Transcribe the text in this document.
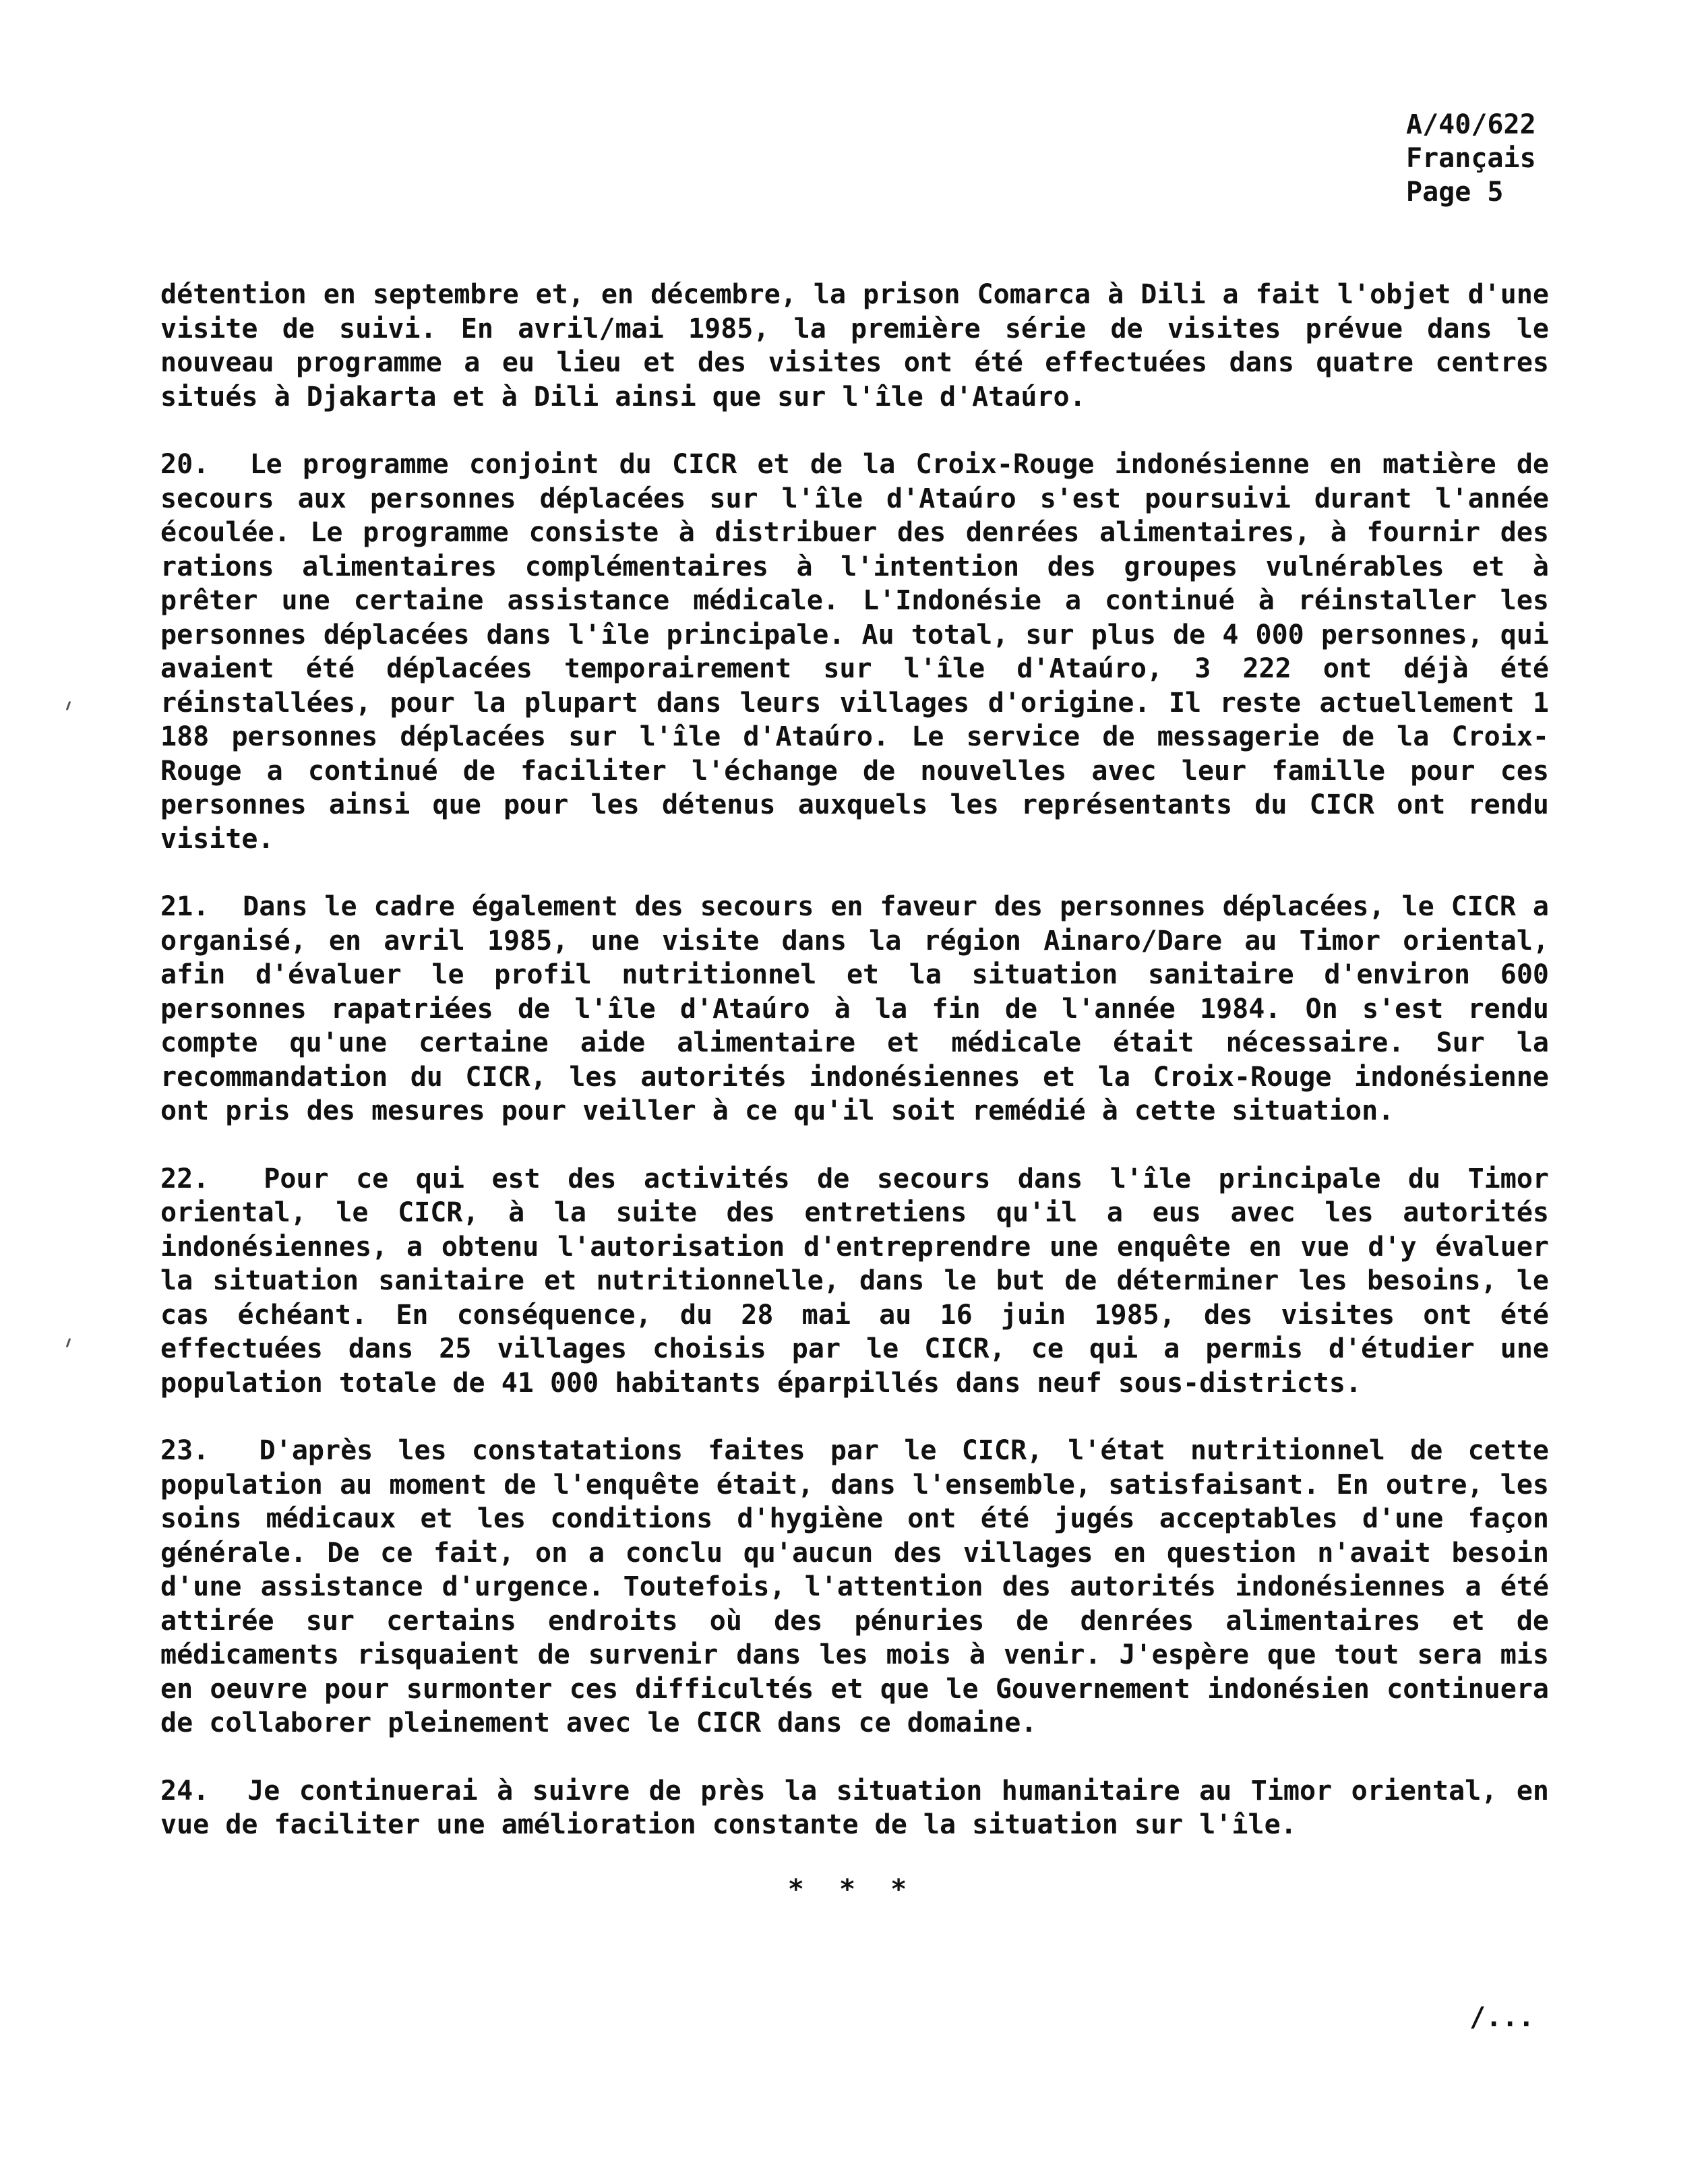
A/40/622
Français
Page 5

détention en septembre et, en décembre, la prison Comarca à Dili a fait l'objet d'une visite de suivi. En avril/mai 1985, la première série de visites prévue dans le nouveau programme a eu lieu et des visites ont été effectuées dans quatre centres situés à Djakarta et à Dili ainsi que sur l'île d'Ataúro.

20. Le programme conjoint du CICR et de la Croix-Rouge indonésienne en matière de secours aux personnes déplacées sur l'île d'Ataúro s'est poursuivi durant l'année écoulée. Le programme consiste à distribuer des denrées alimentaires, à fournir des rations alimentaires complémentaires à l'intention des groupes vulnérables et à prêter une certaine assistance médicale. L'Indonésie a continué à réinstaller les personnes déplacées dans l'île principale. Au total, sur plus de 4 000 personnes, qui avaient été déplacées temporairement sur l'île d'Ataúro, 3 222 ont déjà été réinstallées, pour la plupart dans leurs villages d'origine. Il reste actuellement 1 188 personnes déplacées sur l'île d'Ataúro. Le service de messagerie de la Croix-Rouge a continué de faciliter l'échange de nouvelles avec leur famille pour ces personnes ainsi que pour les détenus auxquels les représentants du CICR ont rendu visite.

21. Dans le cadre également des secours en faveur des personnes déplacées, le CICR a organisé, en avril 1985, une visite dans la région Ainaro/Dare au Timor oriental, afin d'évaluer le profil nutritionnel et la situation sanitaire d'environ 600 personnes rapatriées de l'île d'Ataúro à la fin de l'année 1984. On s'est rendu compte qu'une certaine aide alimentaire et médicale était nécessaire. Sur la recommandation du CICR, les autorités indonésiennes et la Croix-Rouge indonésienne ont pris des mesures pour veiller à ce qu'il soit remédié à cette situation.

22. Pour ce qui est des activités de secours dans l'île principale du Timor oriental, le CICR, à la suite des entretiens qu'il a eus avec les autorités indonésiennes, a obtenu l'autorisation d'entreprendre une enquête en vue d'y évaluer la situation sanitaire et nutritionnelle, dans le but de déterminer les besoins, le cas échéant. En conséquence, du 28 mai au 16 juin 1985, des visites ont été effectuées dans 25 villages choisis par le CICR, ce qui a permis d'étudier une population totale de 41 000 habitants éparpillés dans neuf sous-districts.

23. D'après les constatations faites par le CICR, l'état nutritionnel de cette population au moment de l'enquête était, dans l'ensemble, satisfaisant. En outre, les soins médicaux et les conditions d'hygiène ont été jugés acceptables d'une façon générale. De ce fait, on a conclu qu'aucun des villages en question n'avait besoin d'une assistance d'urgence. Toutefois, l'attention des autorités indonésiennes a été attirée sur certains endroits où des pénuries de denrées alimentaires et de médicaments risquaient de survenir dans les mois à venir. J'espère que tout sera mis en oeuvre pour surmonter ces difficultés et que le Gouvernement indonésien continuera de collaborer pleinement avec le CICR dans ce domaine.

24. Je continuerai à suivre de près la situation humanitaire au Timor oriental, en vue de faciliter une amélioration constante de la situation sur l'île.

* * *
/...
